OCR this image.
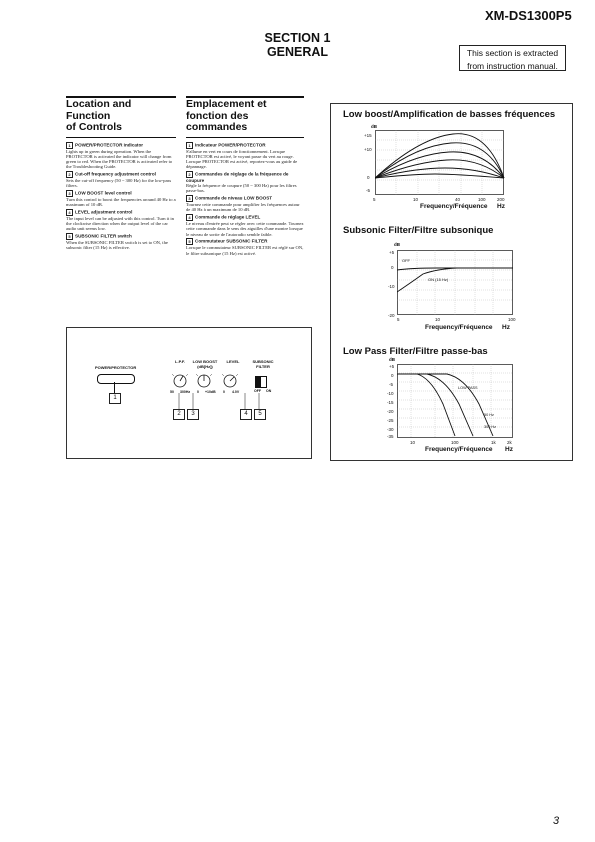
XM-DS1300P5
SECTION 1
GENERAL	This section is extracted
from instruction manual.
Location and Function
of Controls
1 POWER/PROTECTOR indicator
Lights up in green during operation. When the PROTECTOR is activated the indicator will change from green to red. When the PROTECTOR is activated refer to the Troubleshooting Guide.
2 Cut-off frequency adjustment control
Sets the cut-off frequency (50 ~ 300 Hz) for the low-pass filters.
3 LOW BOOST level control
Turn this control to boost the frequencies around 40 Hz to a maximum of 10 dB.
4 LEVEL adjustment control
The input level can be adjusted with this control. Turn it in the clockwise direction when the output level of the car audio unit seems low.
5 SUBSONIC FILTER switch
When the SUBSONIC FILTER switch is set to ON, the subsonic filter (15 Hz) is effective.
Emplacement et
fonction des commandes
1 Indicateur POWER/PROTECTOR
S'allume en vert en cours de fonctionnement. Lorsque PROTECTOR est activé, le voyant passe du vert au rouge. Lorsque PROTECTOR est activé, reportez-vous au guide de dépannage.
2 Commandes de réglage de la fréquence de coupure
Règle la fréquence de coupure (50 ~ 300 Hz) pour les filtres passe-bas.
3 Commande de niveau LOW BOOST
Tournez cette commande pour amplifier les fréquences autour de 40 Hz à un maximum de 10 dB.
4 Commande de réglage LEVEL
Le niveau d'entrée peut se régler avec cette commande. Tournez cette commande dans le sens des aiguilles d'une montre lorsque le niveau de sortie de l'autoradio semble faible.
5 Commutateur SUBSONIC FILTER
Lorsque le commutateur SUBSONIC FILTER est réglé sur ON, le filtre subsonique (15 Hz) est activé.
Low boost/Amplification de basses fréquences
dB
+15
+10
0
-5
5	10	40	100	200
Frequency/Fréquence Hz
Subsonic Filter/Filtre subsonique
dB
+5
0
-10
-20
OFF
ON (15 Hz)
5	10	100
Frequency/Fréquence Hz
Low Pass Filter/Filtre passe-bas
dB
+5
0
-5
-10
-15
-20
-25
-30
-35
LOW PASS
50 Hz
300 Hz
10	100	1k 2k
Frequency/Fréquence Hz
POWER/PROTECTOR
1
L.P.F.	LOW BOOST
(dB[Hz])
LEVEL	SUBSONIC
FILTER
50 300Hz 0 +10dB 0 4.0V	OFF ON
2	3	4	5
3
